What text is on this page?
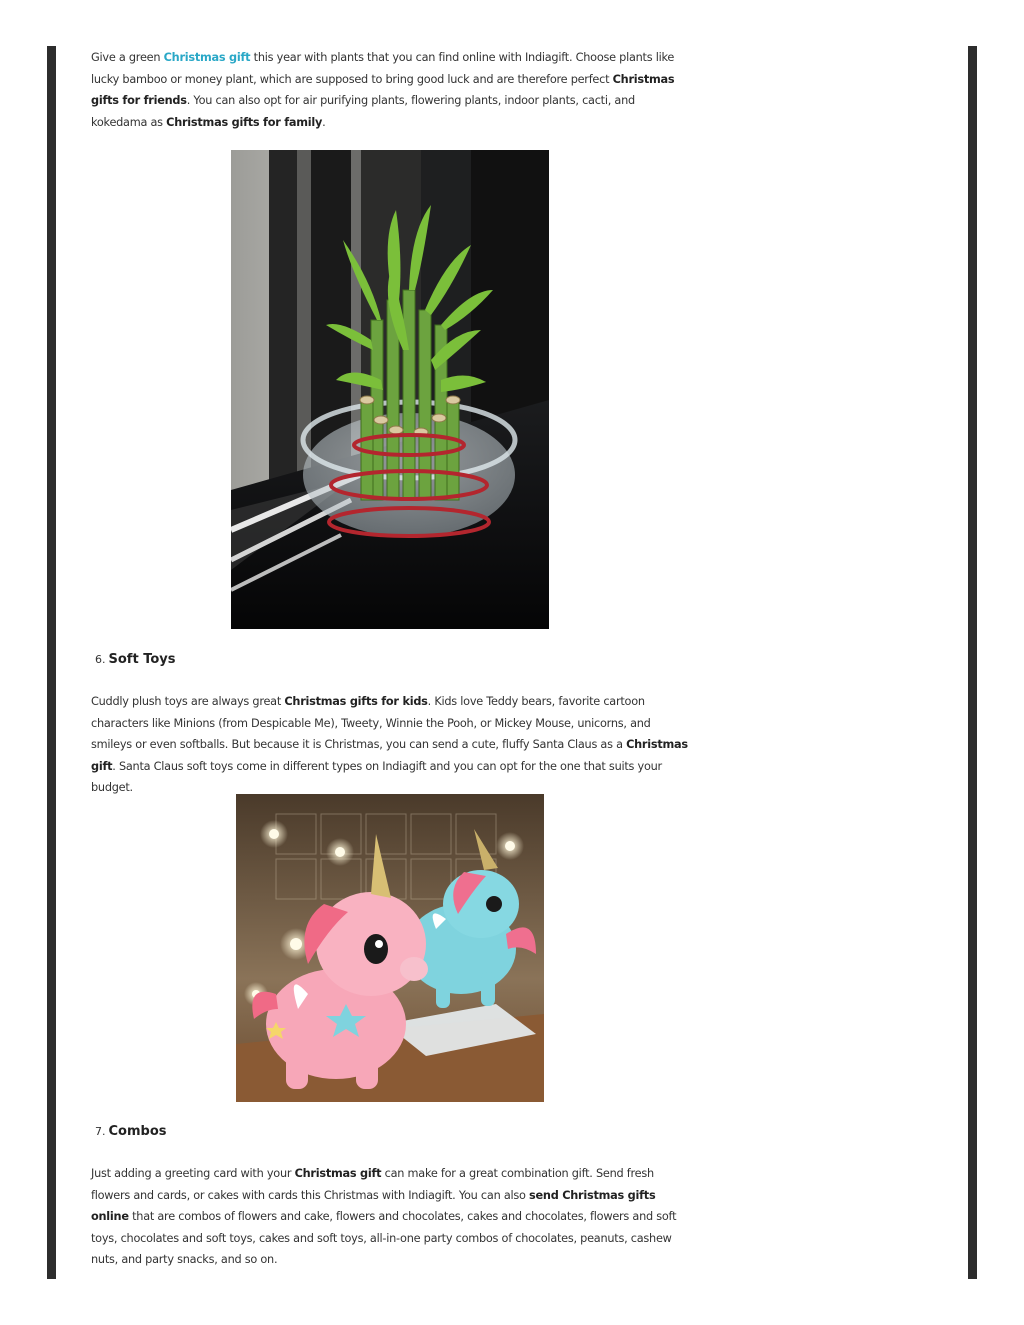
Give a green Christmas gift this year with plants that you can find online with Indiagift. Choose plants like lucky bamboo or money plant, which are supposed to bring good luck and are therefore perfect Christmas gifts for friends. You can also opt for air purifying plants, flowering plants, indoor plants, cacti, and kokedama as Christmas gifts for family.

6. Soft Toys

Cuddly plush toys are always great Christmas gifts for kids. Kids love Teddy bears, favorite cartoon characters like Minions (from Despicable Me), Tweety, Winnie the Pooh, or Mickey Mouse, unicorns, and smileys or even softballs. But because it is Christmas, you can send a cute, fluffy Santa Claus as a Christmas gift. Santa Claus soft toys come in different types on Indiagift and you can opt for the one that suits your budget.

7. Combos

Just adding a greeting card with your Christmas gift can make for a great combination gift. Send fresh flowers and cards, or cakes with cards this Christmas with Indiagift. You can also send Christmas gifts online that are combos of flowers and cake, flowers and chocolates, cakes and chocolates, flowers and soft toys, chocolates and soft toys, cakes and soft toys, all-in-one party combos of chocolates, peanuts, cashew nuts, and party snacks, and so on.
